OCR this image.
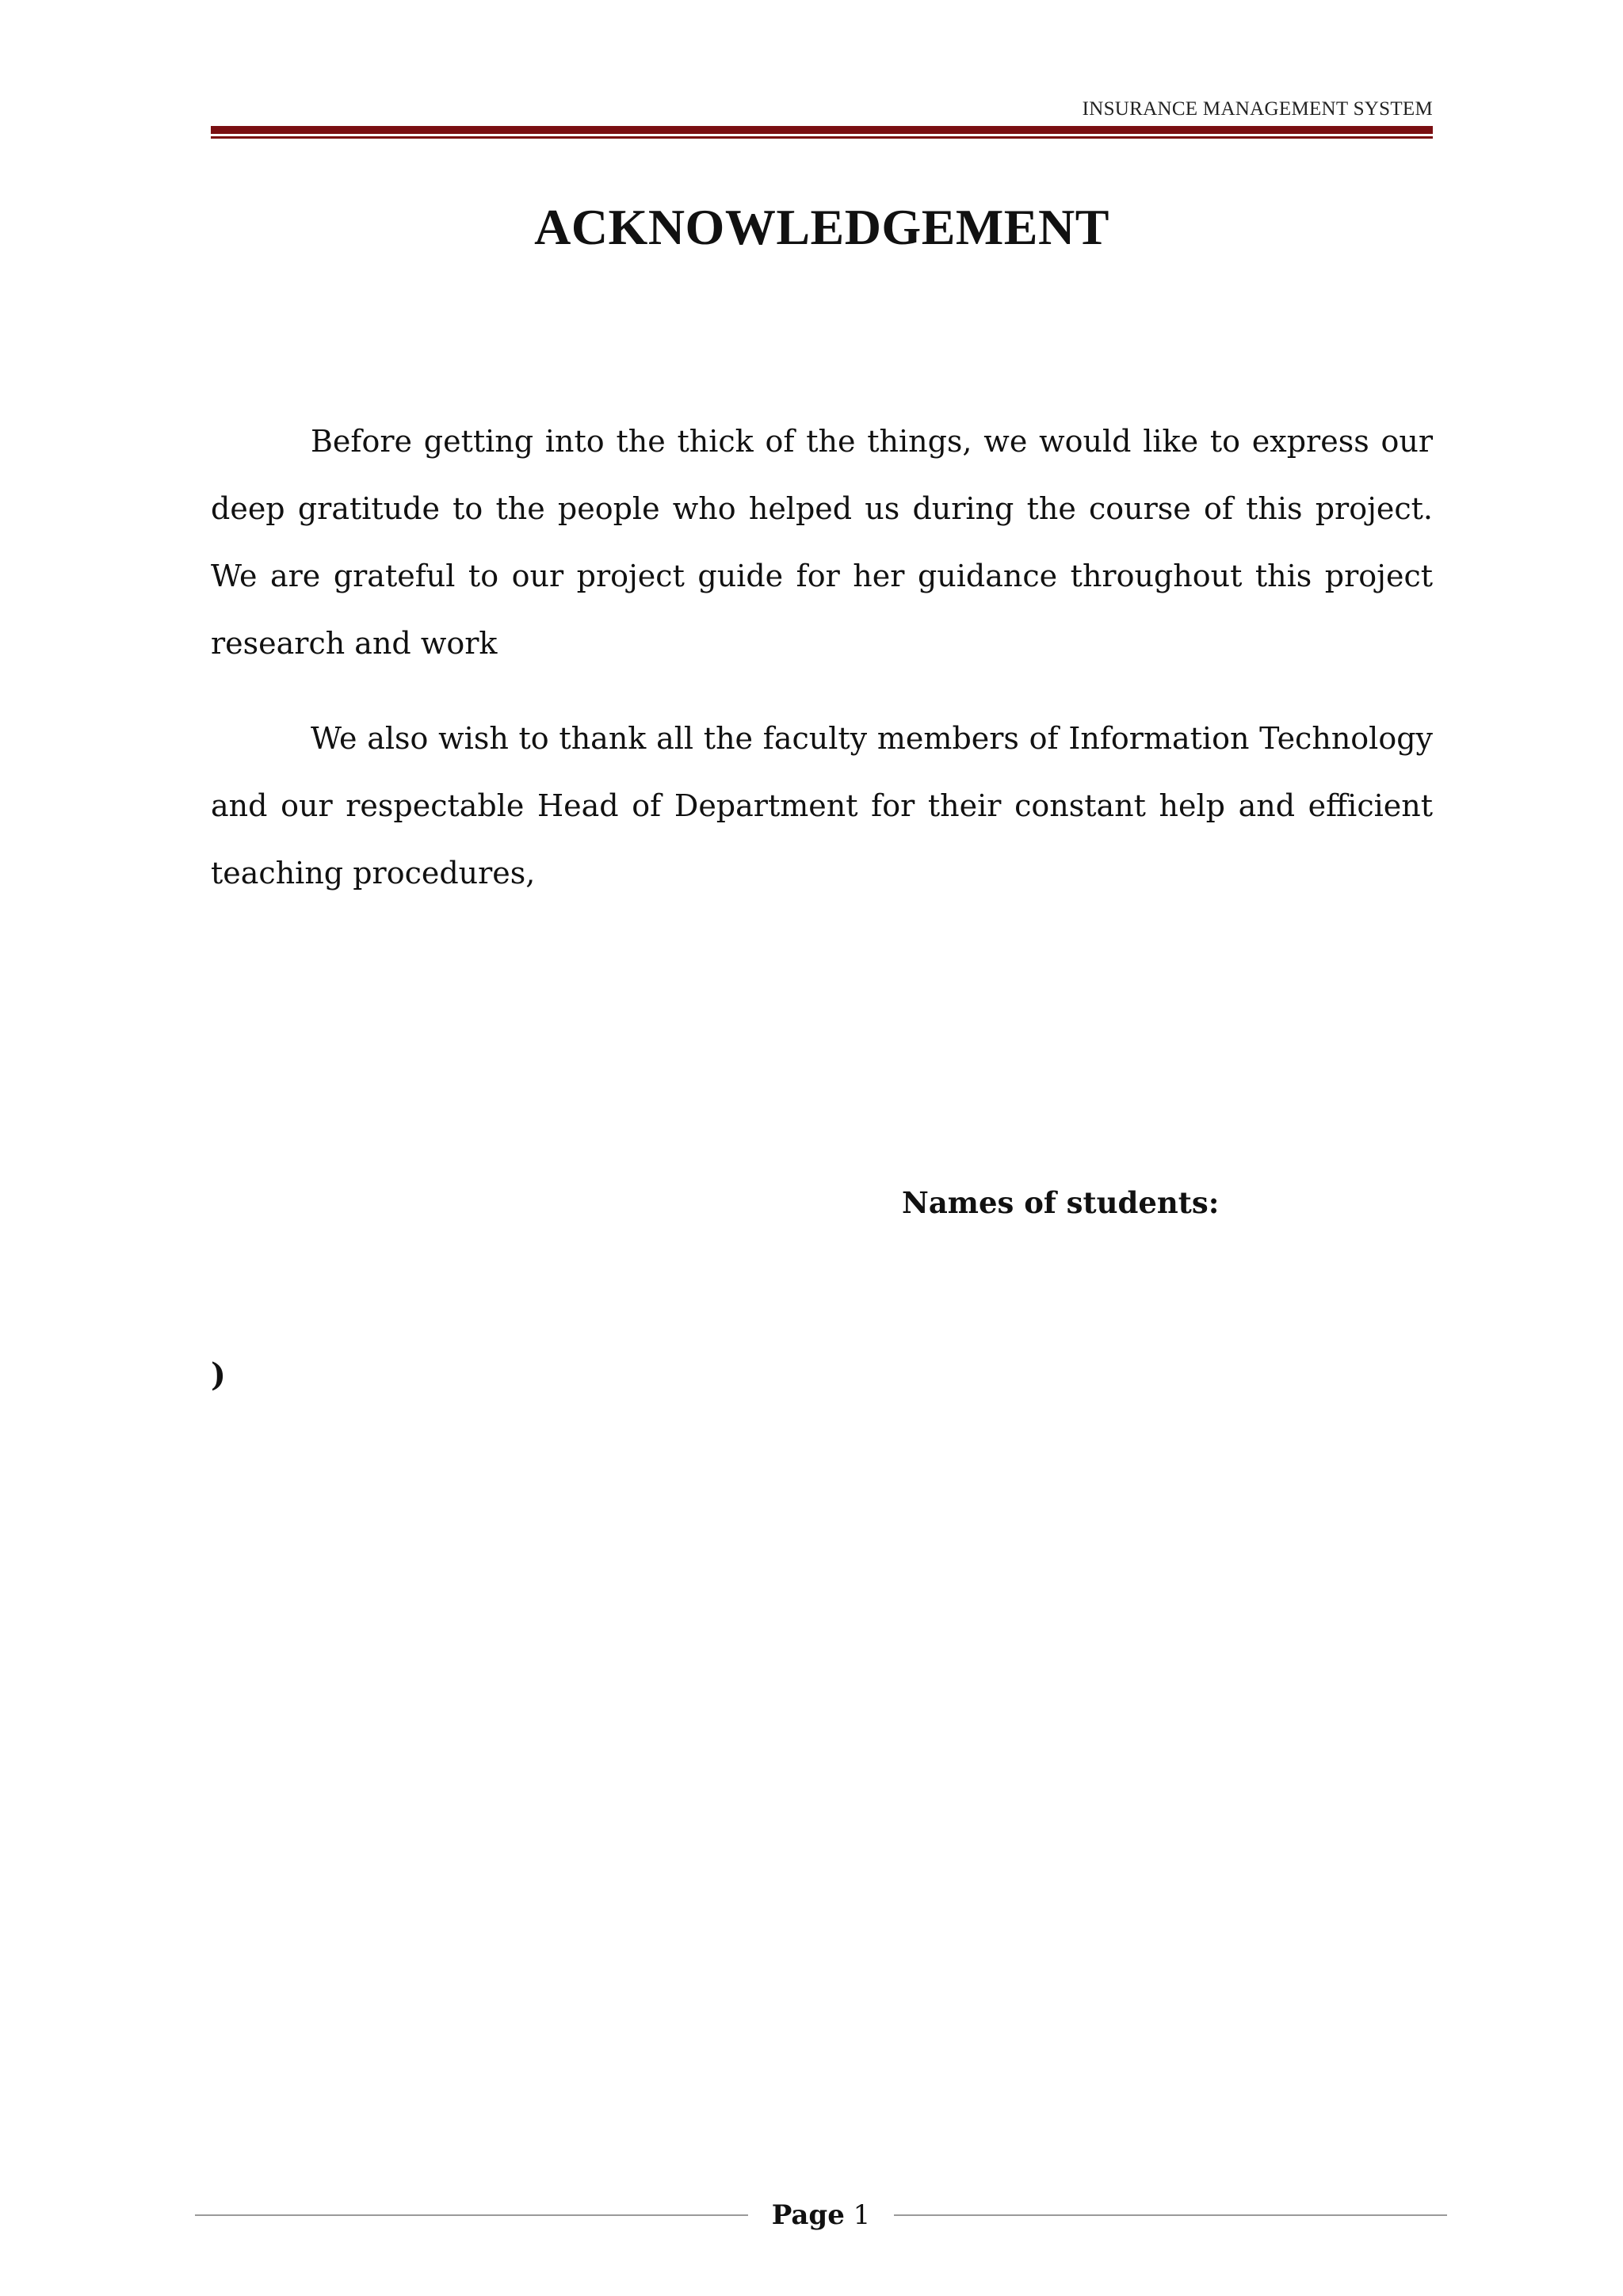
INSURANCE MANAGEMENT SYSTEM
ACKNOWLEDGEMENT

Before getting into the thick of the things, we would like to express our deep gratitude to the people who helped us during the course of this project. We are grateful to our project guide for her guidance throughout this project research and work

We also wish to thank all the faculty members of Information Technology and our respectable Head of Department for their constant help and efficient teaching procedures,

Names of students:
)
Page 1
